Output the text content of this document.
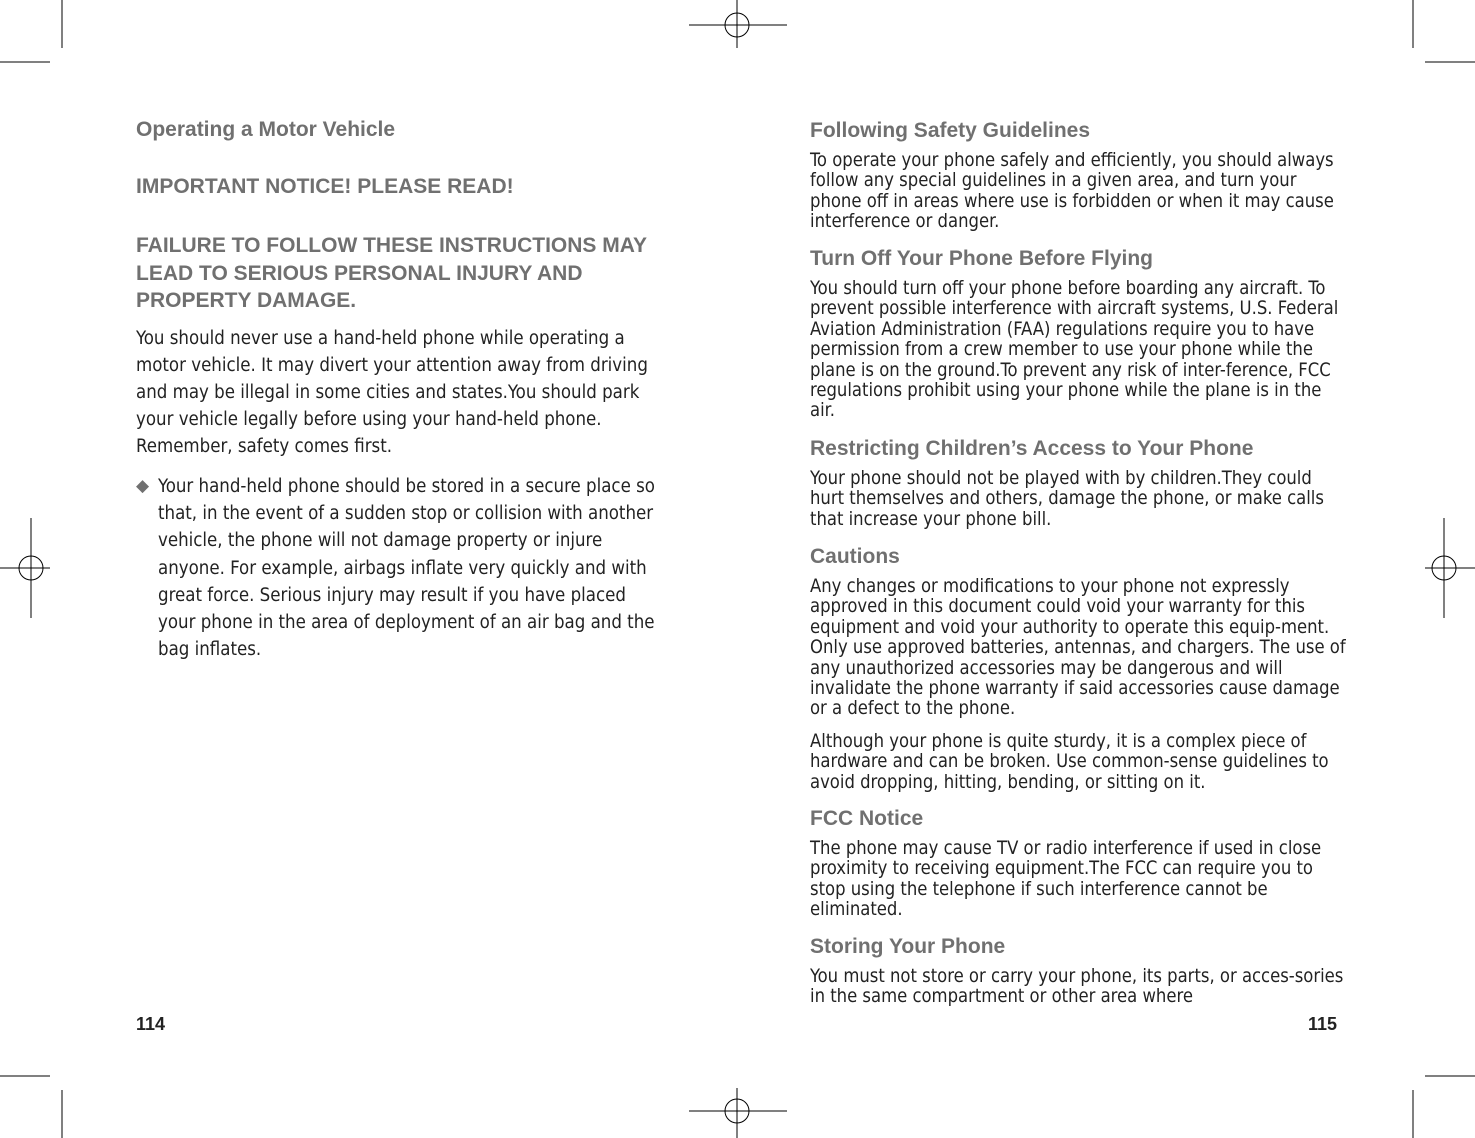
Operating a Motor Vehicle
IMPORTANT NOTICE! PLEASE READ!
FAILURE TO FOLLOW THESE INSTRUCTIONS MAY LEAD TO SERIOUS PERSONAL INJURY AND PROPERTY DAMAGE.

You should never use a hand-held phone while operating a motor vehicle. It may divert your attention away from driving and may be illegal in some cities and states.You should park your vehicle legally before using your hand-held phone. Remember, safety comes first.

◆ Your hand-held phone should be stored in a secure place so that, in the event of a sudden stop or collision with another vehicle, the phone will not damage property or injure anyone. For example, airbags inflate very quickly and with great force. Serious injury may result if you have placed your phone in the area of deployment of an air bag and the bag inflates.
114
Following Safety Guidelines

To operate your phone safely and efficiently, you should always follow any special guidelines in a given area, and turn your phone off in areas where use is forbidden or when it may cause interference or danger.

Turn Off Your Phone Before Flying

You should turn off your phone before boarding any aircraft. To prevent possible interference with aircraft systems, U.S. Federal Aviation Administration (FAA) regulations require you to have permission from a crew member to use your phone while the plane is on the ground.To prevent any risk of inter-ference, FCC regulations prohibit using your phone while the plane is in the air.

Restricting Children’s Access to Your Phone

Your phone should not be played with by children.They could hurt themselves and others, damage the phone, or make calls that increase your phone bill.

Cautions

Any changes or modifications to your phone not expressly approved in this document could void your warranty for this equipment and void your authority to operate this equip-ment. Only use approved batteries, antennas, and chargers. The use of any unauthorized accessories may be dangerous and will invalidate the phone warranty if said accessories cause damage or a defect to the phone.

Although your phone is quite sturdy, it is a complex piece of hardware and can be broken. Use common-sense guidelines to avoid dropping, hitting, bending, or sitting on it.

FCC Notice

The phone may cause TV or radio interference if used in close proximity to receiving equipment.The FCC can require you to stop using the telephone if such interference cannot be eliminated.

Storing Your Phone

You must not store or carry your phone, its parts, or acces-sories in the same compartment or other area where

115
